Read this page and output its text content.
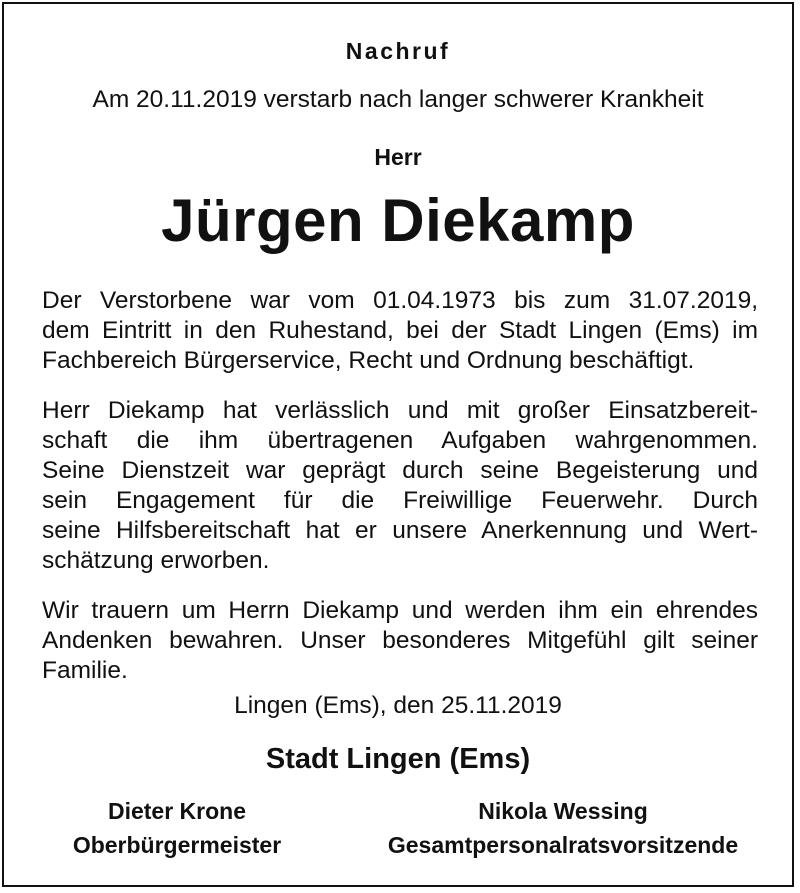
Nachruf
Am 20.11.2019 verstarb nach langer schwerer Krankheit
Herr
Jürgen Diekamp
Der Verstorbene war vom 01.04.1973 bis zum 31.07.2019,
dem Eintritt in den Ruhestand, bei der Stadt Lingen (Ems) im
Fachbereich Bürgerservice, Recht und Ordnung beschäftigt.
Herr Diekamp hat verlässlich und mit großer Einsatzbereit-
schaft die ihm übertragenen Aufgaben wahrgenommen.
Seine Dienstzeit war geprägt durch seine Begeisterung und
sein Engagement für die Freiwillige Feuerwehr. Durch
seine Hilfsbereitschaft hat er unsere Anerkennung und Wert-
schätzung erworben.
Wir trauern um Herrn Diekamp und werden ihm ein ehrendes
Andenken bewahren. Unser besonderes Mitgefühl gilt seiner
Familie.
Lingen (Ems), den 25.11.2019
Stadt Lingen (Ems)
Dieter Krone
Oberbürgermeister
Nikola Wessing
Gesamtpersonalratsvorsitzende
